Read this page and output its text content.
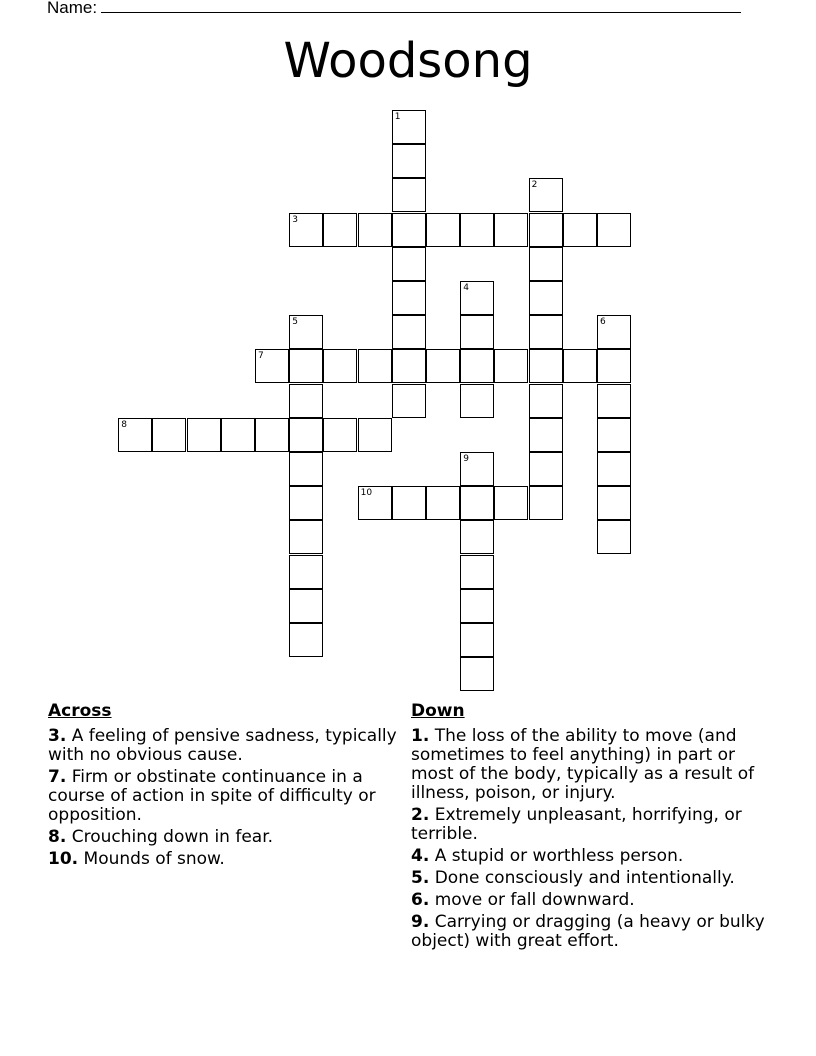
Name:
Woodsong
1
2
3
4
5	6
7
8
9
10
Across
3. A feeling of pensive sadness, typically with no obvious cause.
7. Firm or obstinate continuance in a course of action in spite of difficulty or opposition.
8. Crouching down in fear.
10. Mounds of snow.
Down
1. The loss of the ability to move (and sometimes to feel anything) in part or most of the body, typically as a result of illness, poison, or injury.
2. Extremely unpleasant, horrifying, or terrible.
4. A stupid or worthless person.
5. Done consciously and intentionally.
6. move or fall downward.
9. Carrying or dragging (a heavy or bulky object) with great effort.
